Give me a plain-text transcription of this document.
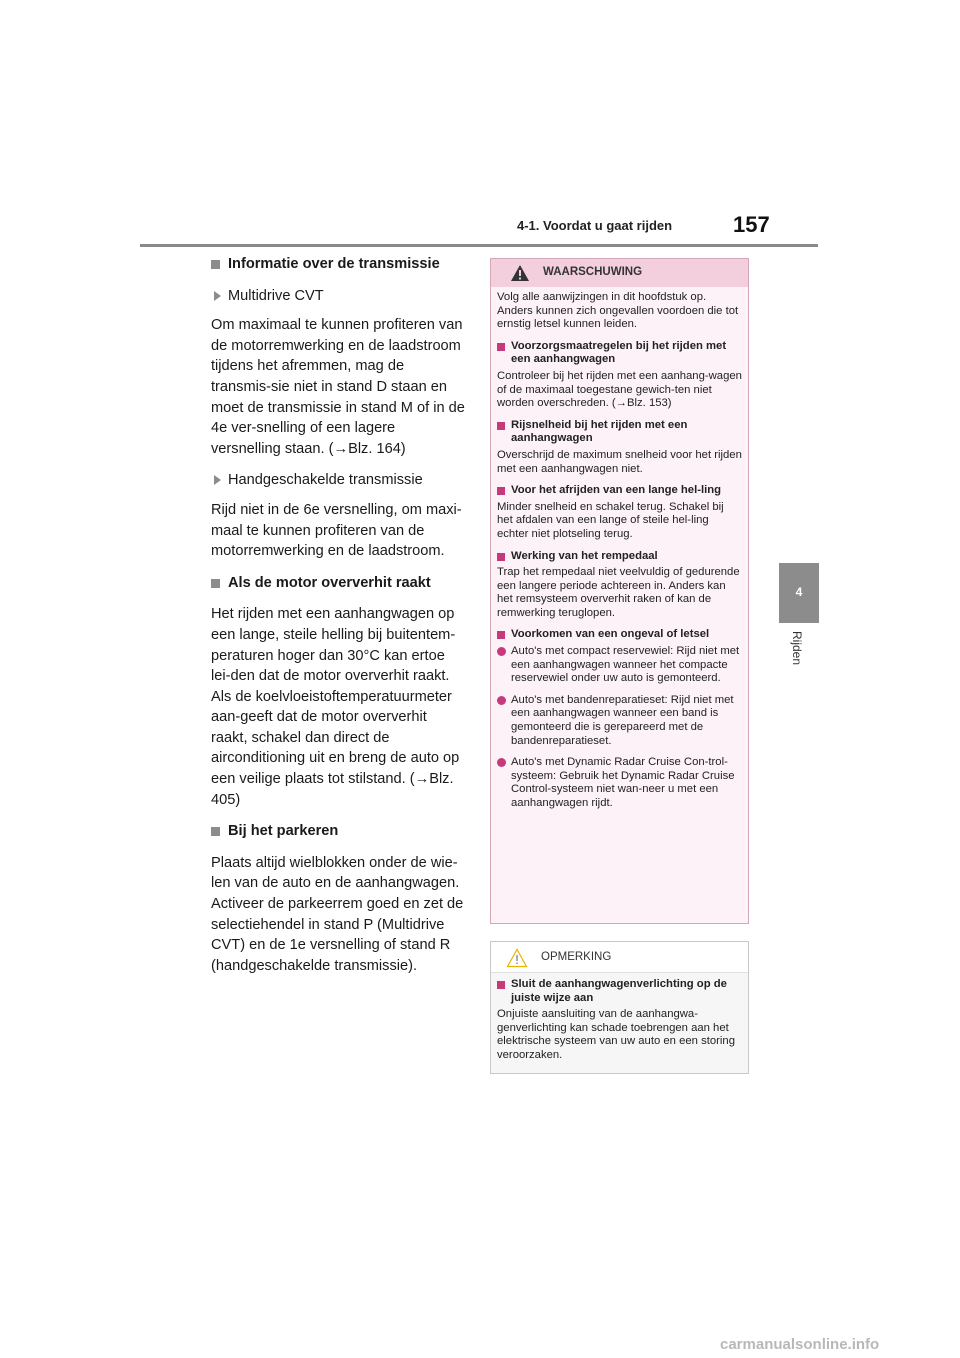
4-1. Voordat u gaat rijden	157
4
Rijden
Informatie over de transmissie
Multidrive CVT

Om maximaal te kunnen profiteren van de motorremwerking en de laadstroom tijdens het afremmen, mag de transmis-sie niet in stand D staan en moet de transmissie in stand M of in de 4e ver-snelling of een lagere versnelling staan. (→Blz. 164)

Handgeschakelde transmissie

Rijd niet in de 6e versnelling, om maxi-maal te kunnen profiteren van de motorremwerking en de laadstroom.

Als de motor oververhit raakt

Het rijden met een aanhangwagen op een lange, steile helling bij buitentem-peraturen hoger dan 30°C kan ertoe lei-den dat de motor oververhit raakt. Als de koelvloeistoftemperatuurmeter aan-geeft dat de motor oververhit raakt, schakel dan direct de airconditioning uit en breng de auto op een veilige plaats tot stilstand. (→Blz. 405)

Bij het parkeren

Plaats altijd wielblokken onder de wie-len van de auto en de aanhangwagen. Activeer de parkeerrem goed en zet de selectiehendel in stand P (Multidrive CVT) en de 1e versnelling of stand R (handgeschakelde transmissie).

WAARSCHUWING

Volg alle aanwijzingen in dit hoofdstuk op. Anders kunnen zich ongevallen voordoen die tot ernstig letsel kunnen leiden.

Voorzorgsmaatregelen bij het rijden met een aanhangwagen

Controleer bij het rijden met een aanhang-wagen of de maximaal toegestane gewich-ten niet worden overschreden. (→Blz. 153)

Rijsnelheid bij het rijden met een aanhangwagen

Overschrijd de maximum snelheid voor het rijden met een aanhangwagen niet.

Voor het afrijden van een lange hel-ling

Minder snelheid en schakel terug. Schakel bij het afdalen van een lange of steile hel-ling echter niet plotseling terug.

Werking van het rempedaal

Trap het rempedaal niet veelvuldig of gedurende een langere periode achtereen in. Anders kan het remsysteem oververhit raken of kan de remwerking teruglopen.

Voorkomen van een ongeval of letsel
Auto's met compact reservewiel: Rijd niet met een aanhangwagen wanneer het compacte reservewiel onder uw auto is gemonteerd.
Auto's met bandenreparatieset: Rijd niet met een aanhangwagen wanneer een band is gemonteerd die is gerepareerd met de bandenreparatieset.
Auto's met Dynamic Radar Cruise Con-trol-systeem: Gebruik het Dynamic Radar Cruise Control-systeem niet wan-neer u met een aanhangwagen rijdt.
OPMERKING
Sluit de aanhangwagenverlichting op de juiste wijze aan

Onjuiste aansluiting van de aanhangwa-genverlichting kan schade toebrengen aan het elektrische systeem van uw auto en een storing veroorzaken.

carmanualsonline.info
